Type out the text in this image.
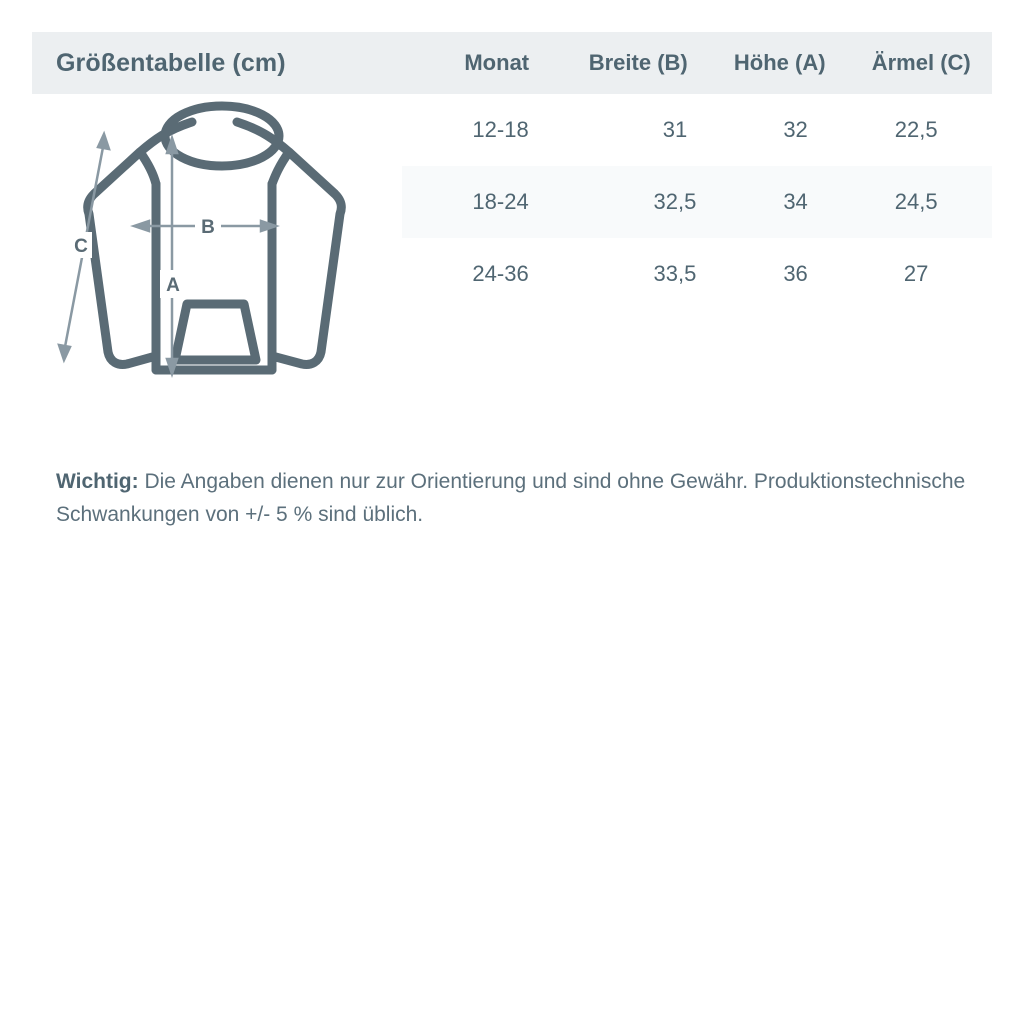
Größentabelle (cm)	Monat	Breite (B)	Höhe (A)	Ärmel (C)
C
B
A
12-18	31	32	22,5
18-24	32,5	34	24,5
24-36	33,5	36	27
Wichtig: Die Angaben dienen nur zur Orientierung und sind ohne Gewähr. Produktionstechnische Schwankungen von +/- 5 % sind üblich.
